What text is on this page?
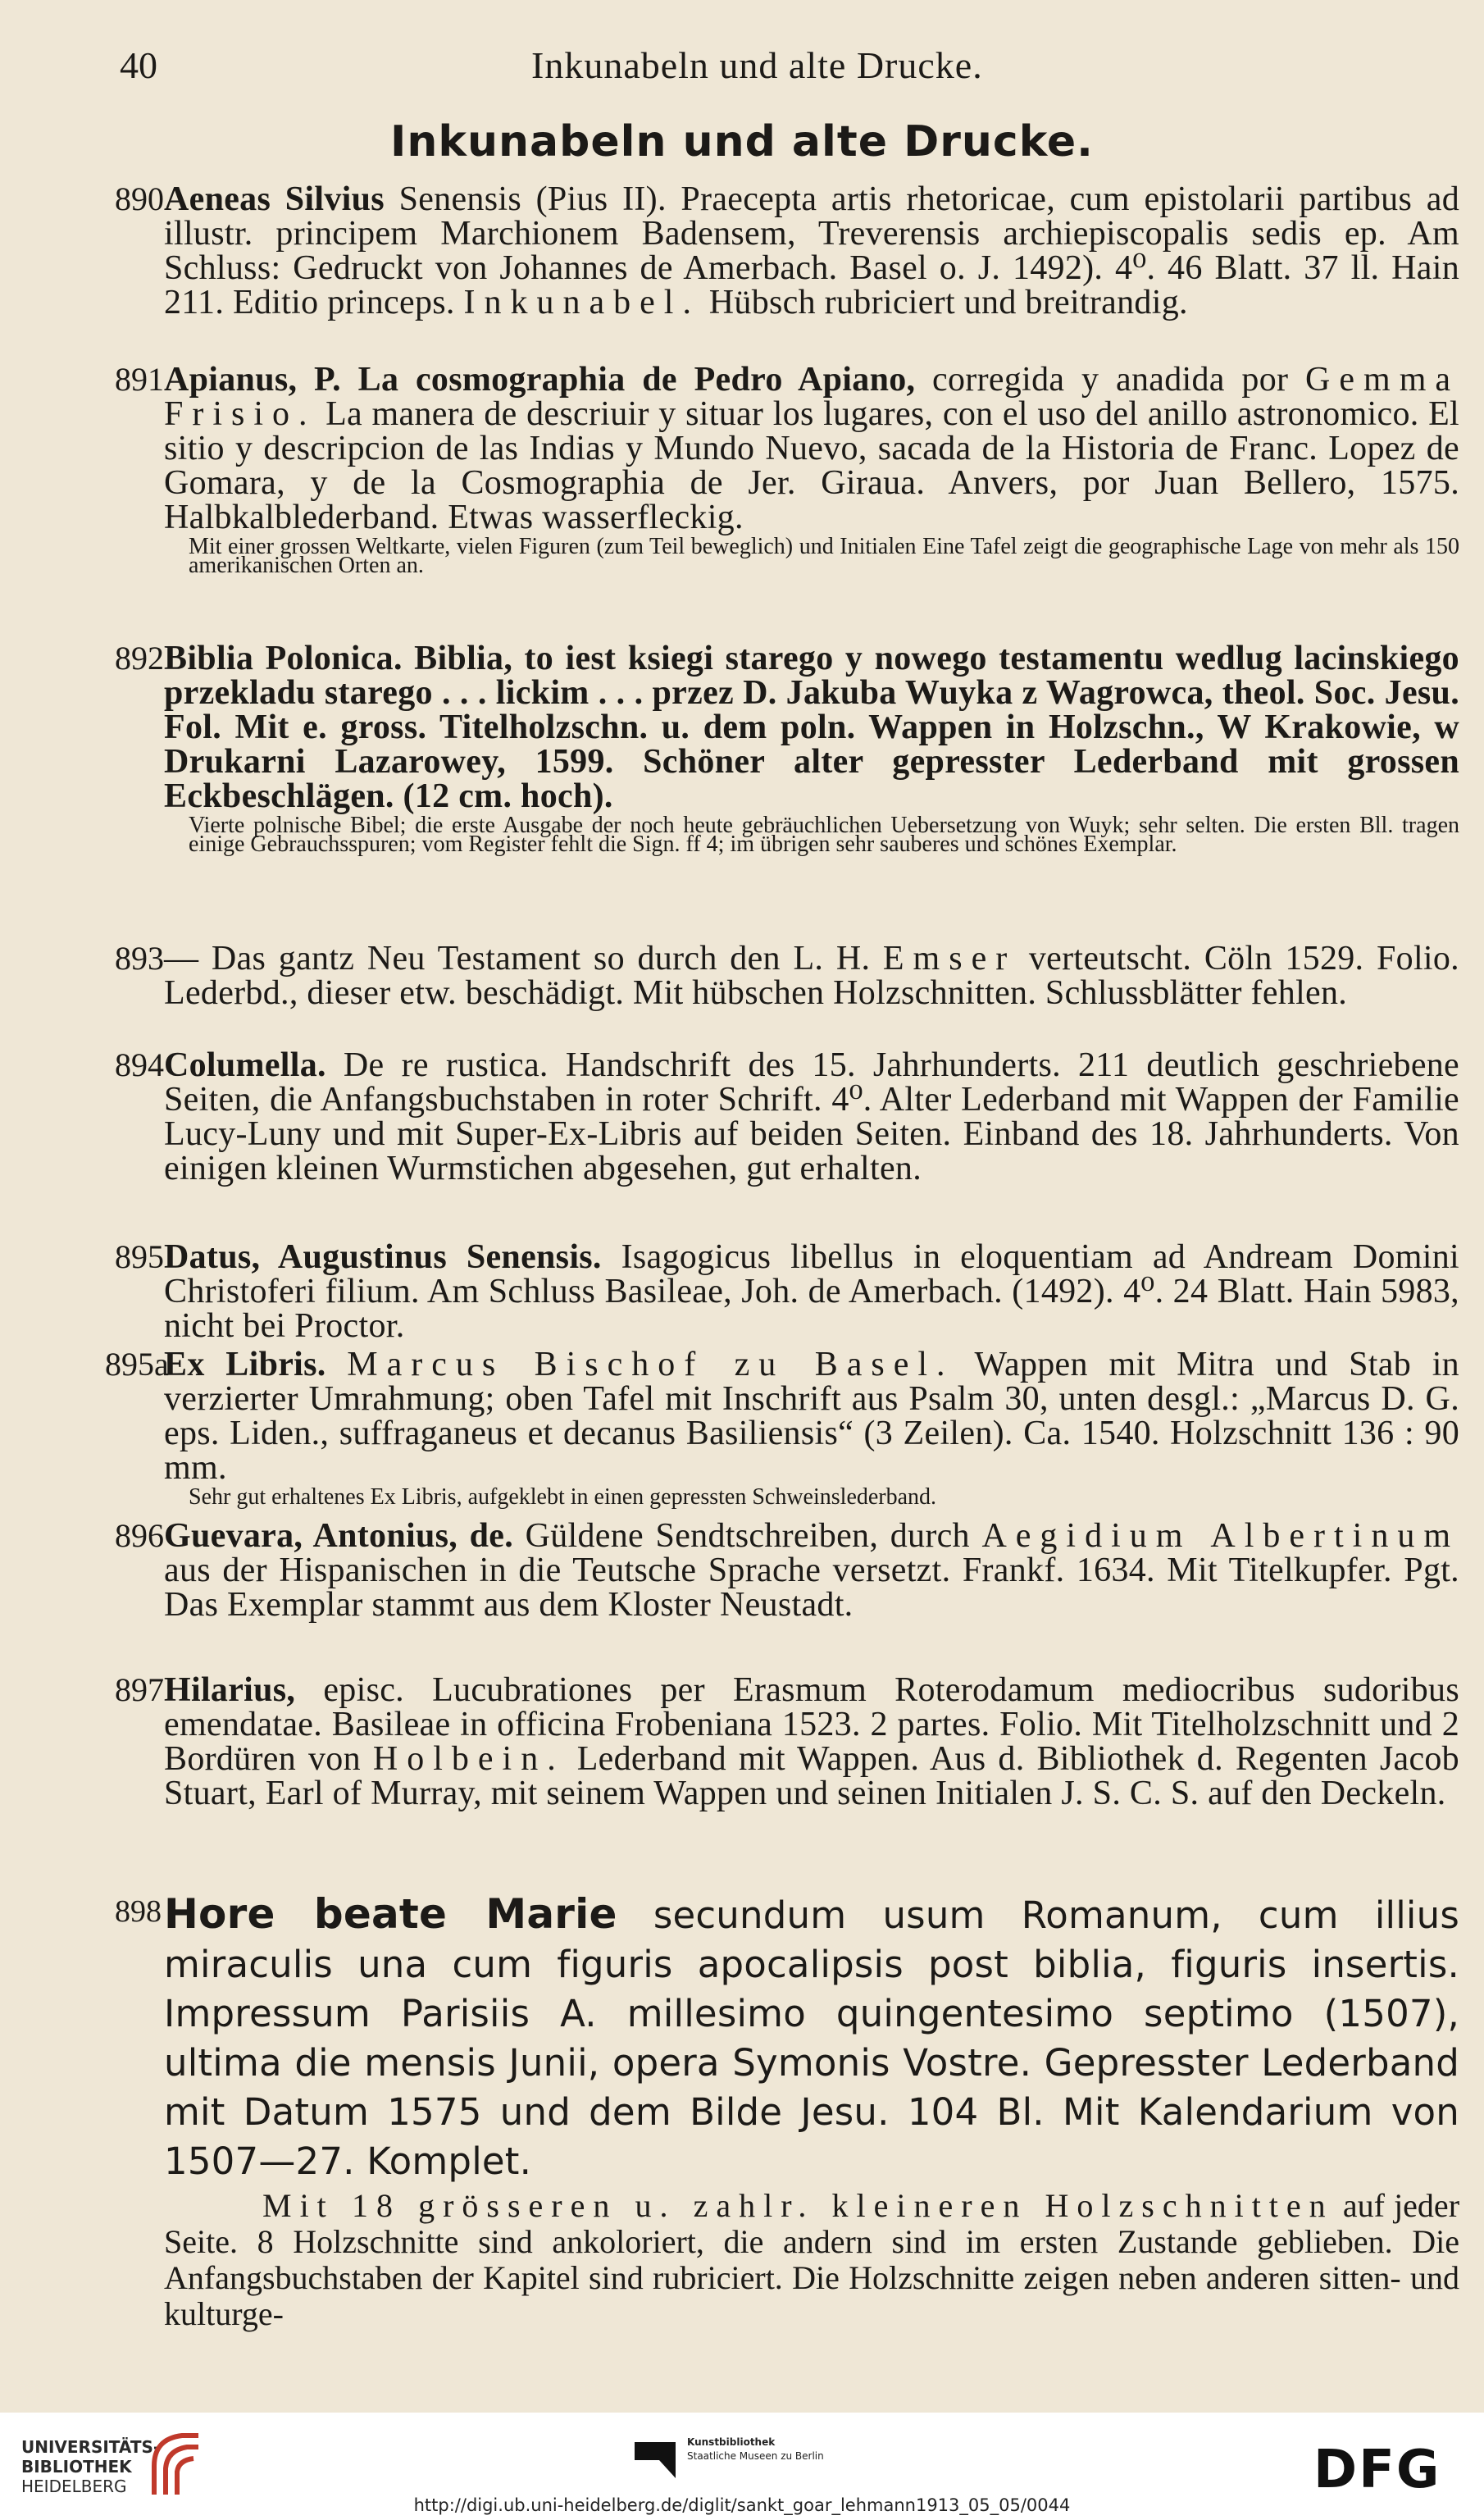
40	Inkunabeln und alte Drucke.
Inkunabeln und alte Drucke.
890 Aeneas Silvius Senensis (Pius II). Praecepta artis rhetoricae, cum epistolarii partibus ad illustr. principem Marchionem Badensem, Treverensis archiepiscopalis sedis ep. Am Schluss: Gedruckt von Johannes de Amerbach. Basel o. J. 1492). 4⁰. 46 Blatt. 37 ll. Hain 211. Editio princeps. Inkunabel. Hübsch rubriciert und breitrandig.
891 Apianus, P. La cosmographia de Pedro Apiano, corregida y anadida por Gemma Frisio. La manera de descriuir y situar los lugares, con el uso del anillo astronomico. El sitio y descripcion de las Indias y Mundo Nuevo, sacada de la Historia de Franc. Lopez de Gomara, y de la Cosmographia de Jer. Giraua. Anvers, por Juan Bellero, 1575. Halbkalblederband. Etwas wasserfleckig.
Mit einer grossen Weltkarte, vielen Figuren (zum Teil beweglich) und Initialen Eine Tafel zeigt die geographische Lage von mehr als 150 amerikanischen Orten an.
892 Biblia Polonica. Biblia, to iest ksiegi starego y nowego testamentu wedlug lacinskiego przekladu starego . . . lickim . . . przez D. Jakuba Wuyka z Wagrowca, theol. Soc. Jesu. Fol. Mit e. gross. Titelholzschn. u. dem poln. Wappen in Holzschn., W Krakowie, w Drukarni Lazarowey, 1599. Schöner alter gepresster Lederband mit grossen Eckbeschlägen. (12 cm. hoch).
Vierte polnische Bibel; die erste Ausgabe der noch heute gebräuchlichen Uebersetzung von Wuyk; sehr selten. Die ersten Bll. tragen einige Gebrauchsspuren; vom Register fehlt die Sign. ff 4; im übrigen sehr sauberes und schönes Exemplar.
893 — Das gantz Neu Testament so durch den L. H. Emser verteutscht. Cöln 1529. Folio. Lederbd., dieser etw. beschädigt. Mit hübschen Holzschnitten. Schlussblätter fehlen.
894 Columella. De re rustica. Handschrift des 15. Jahrhunderts. 211 deutlich geschriebene Seiten, die Anfangsbuchstaben in roter Schrift. 4⁰. Alter Lederband mit Wappen der Familie Lucy-Luny und mit Super-Ex-Libris auf beiden Seiten. Einband des 18. Jahrhunderts. Von einigen kleinen Wurmstichen abgesehen, gut erhalten.
895 Datus, Augustinus Senensis. Isagogicus libellus in eloquentiam ad Andream Domini Christoferi filium. Am Schluss Basileae, Joh. de Amerbach. (1492). 4⁰. 24 Blatt. Hain 5983, nicht bei Proctor.
895a
Ex Libris. Marcus Bischof zu Basel. Wappen mit Mitra und Stab in verzierter Umrahmung; oben Tafel mit Inschrift aus Psalm 30, unten desgl.: „Marcus D. G. eps. Liden., suffraganeus et decanus Basiliensis“ (3 Zeilen). Ca. 1540. Holzschnitt 136 : 90 mm.
Sehr gut erhaltenes Ex Libris, aufgeklebt in einen gepressten Schweinslederband.
896 Guevara, Antonius, de. Güldene Sendtschreiben, durch Aegidium Albertinum aus der Hispanischen in die Teutsche Sprache versetzt. Frankf. 1634. Mit Titelkupfer. Pgt. Das Exemplar stammt aus dem Kloster Neustadt.
897 Hilarius, episc. Lucubrationes per Erasmum Roterodamum mediocribus sudoribus emendatae. Basileae in officina Frobeniana 1523. 2 partes. Folio. Mit Titelholzschnitt und 2 Bordüren von Holbein. Lederband mit Wappen. Aus d. Bibliothek d. Regenten Jacob Stuart, Earl of Murray, mit seinem Wappen und seinen Initialen J. S. C. S. auf den Deckeln.
898 Hore beate Marie secundum usum Romanum, cum illius miraculis una cum figuris apocalipsis post biblia, figuris insertis. Impressum Parisiis A. millesimo quingentesimo septimo (1507), ultima die mensis Junii, opera Symonis Vostre. Gepresster Lederband mit Datum 1575 und dem Bilde Jesu. 104 Bl. Mit Kalendarium von 1507—27. Komplet.
Mit 18 grösseren u. zahlr. kleineren Holzschnitten auf jeder Seite. 8 Holzschnitte sind ankoloriert, die andern sind im ersten Zustande geblieben. Die Anfangsbuchstaben der Kapitel sind rubriciert. Die Holzschnitte zeigen neben anderen sitten- und kulturge-
UNIVERSITÄTS-
BIBLIOTHEK
HEIDELBERG
Kunstbibliothek
Staatliche Museen zu Berlin	DFG
http://digi.ub.uni-heidelberg.de/diglit/sankt_goar_lehmann1913_05_05/0044
